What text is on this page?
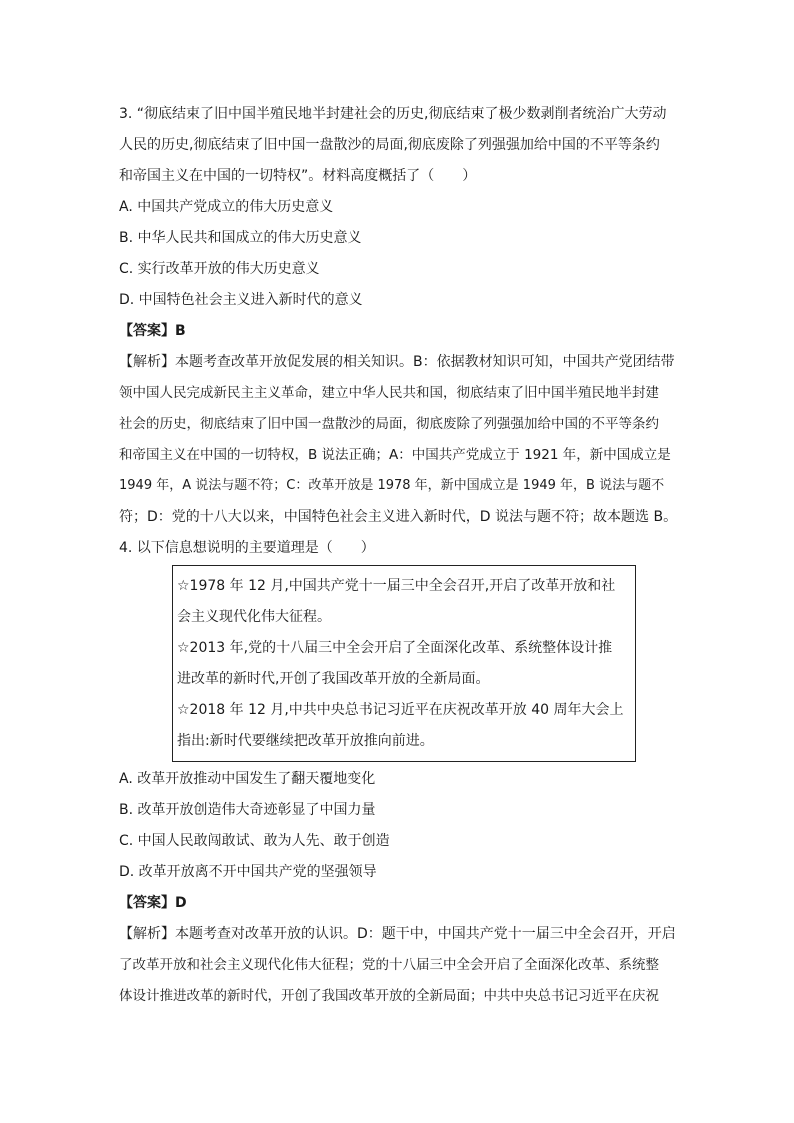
3. “彻底结束了旧中国半殖民地半封建社会的历史,彻底结束了极少数剥削者统治广大劳动
人民的历史,彻底结束了旧中国一盘散沙的局面,彻底废除了列强强加给中国的不平等条约
和帝国主义在中国的一切特权”。材料高度概括了（　　）
A. 中国共产党成立的伟大历史意义
B. 中华人民共和国成立的伟大历史意义
C. 实行改革开放的伟大历史意义
D. 中国特色社会主义进入新时代的意义
【答案】B
【解析】本题考查改革开放促发展的相关知识。B：依据教材知识可知，中国共产党团结带
领中国人民完成新民主主义革命，建立中华人民共和国，彻底结束了旧中国半殖民地半封建
社会的历史，彻底结束了旧中国一盘散沙的局面，彻底废除了列强强加给中国的不平等条约
和帝国主义在中国的一切特权，B 说法正确；A：中国共产党成立于 1921 年，新中国成立是
1949 年，A 说法与题不符；C：改革开放是 1978 年，新中国成立是 1949 年，B 说法与题不
符；D：党的十八大以来，中国特色社会主义进入新时代，D 说法与题不符；故本题选 B。
4. 以下信息想说明的主要道理是（　　）
☆1978 年 12 月,中国共产党十一届三中全会召开,开启了改革开放和社
会主义现代化伟大征程。
☆2013 年,党的十八届三中全会开启了全面深化改革、系统整体设计推
进改革的新时代,开创了我国改革开放的全新局面。
☆2018 年 12 月,中共中央总书记习近平在庆祝改革开放 40 周年大会上
指出:新时代要继续把改革开放推向前进。
A. 改革开放推动中国发生了翻天覆地变化
B. 改革开放创造伟大奇迹彰显了中国力量
C. 中国人民敢闯敢试、敢为人先、敢于创造
D. 改革开放离不开中国共产党的坚强领导
【答案】D
【解析】本题考查对改革开放的认识。D：题干中，中国共产党十一届三中全会召开，开启
了改革开放和社会主义现代化伟大征程；党的十八届三中全会开启了全面深化改革、系统整
体设计推进改革的新时代，开创了我国改革开放的全新局面；中共中央总书记习近平在庆祝
